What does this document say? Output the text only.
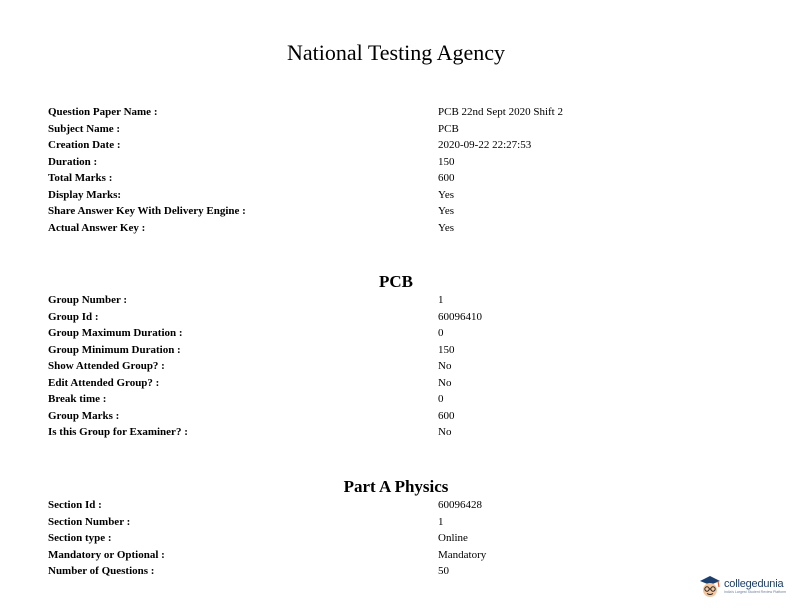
National Testing Agency
Question Paper Name :	PCB 22nd Sept 2020 Shift 2
Subject Name :	PCB
Creation Date :	2020-09-22 22:27:53
Duration :	150
Total Marks :	600
Display Marks:	Yes
Share Answer Key With Delivery Engine :	Yes
Actual Answer Key :	Yes
PCB
Group Number :	1
Group Id :	60096410
Group Maximum Duration :	0
Group Minimum Duration :	150
Show Attended Group? :	No
Edit Attended Group? :	No
Break time :	0
Group Marks :	600
Is this Group for Examiner? :	No
Part A Physics
Section Id :	60096428
Section Number :	1
Section type :	Online
Mandatory or Optional :	Mandatory
Number of Questions :	50
collegedunia
India's Largest Student Review Platform
